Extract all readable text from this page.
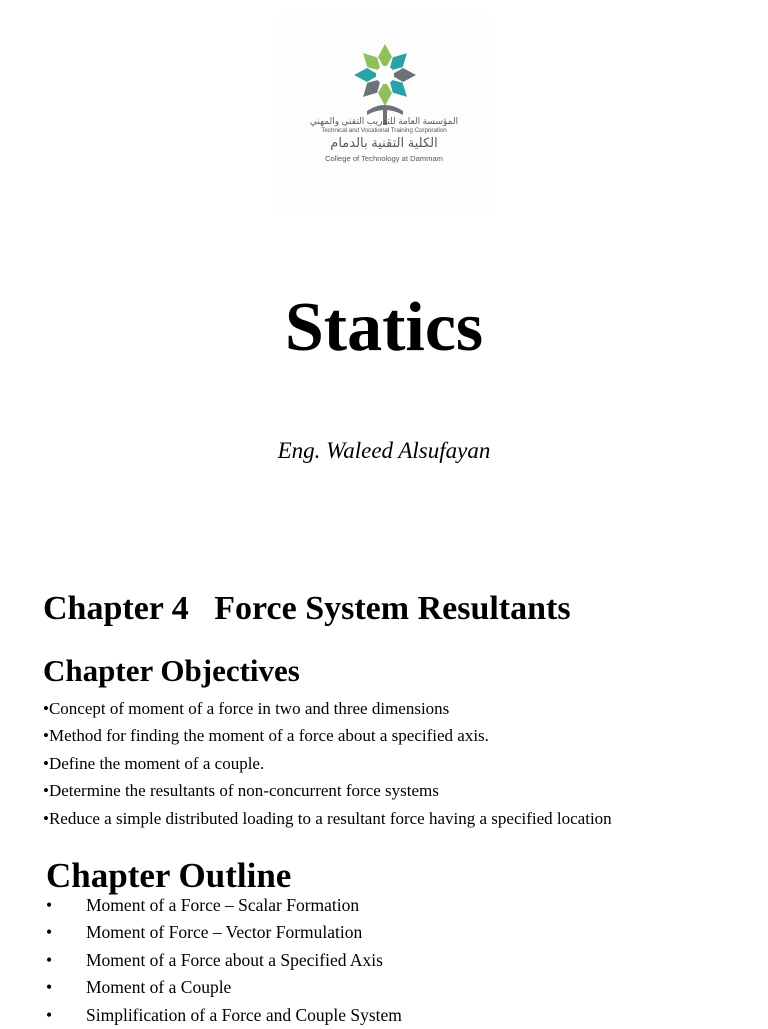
المؤسسة العامة للتدريب التقني والمهني
Technical and Vocational Training Corporation
الكلية التقنية بالدمام
College of Technology at Dammam
Statics
Eng. Waleed Alsufayan
Chapter 4   Force System Resultants
Chapter Objectives
•Concept of moment of a force in two and three dimensions
•Method for finding the moment of a force about a specified axis.
•Define the moment of a couple.
•Determine the resultants of non-concurrent force systems
•Reduce a simple distributed loading to a resultant force having a specified location
Chapter Outline
•	Moment of a Force – Scalar Formation
•	Moment of Force – Vector Formulation
•	Moment of a Force about a Specified Axis
•	Moment of a Couple
•	Simplification of a Force and Couple System
